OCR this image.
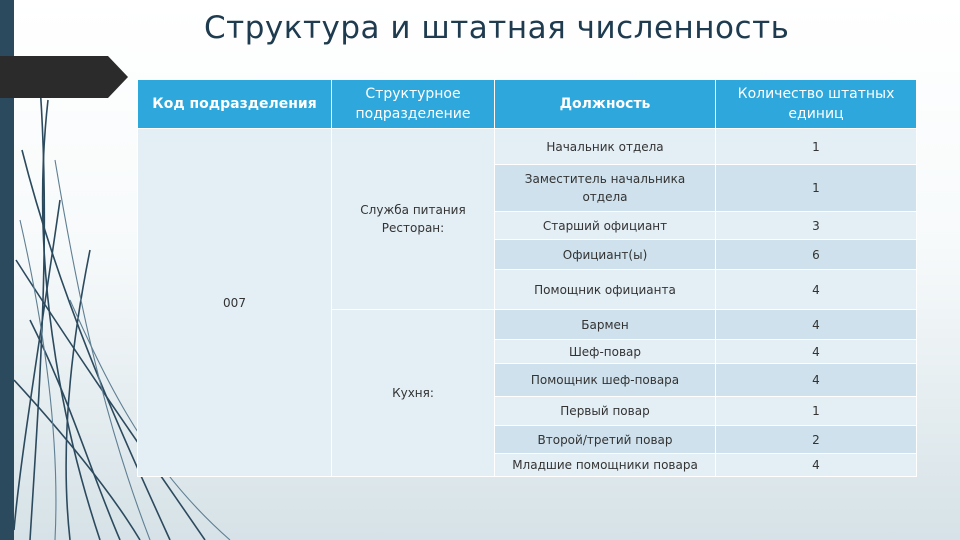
Структура и штатная численность
Код подразделения	Структурное подразделение	Должность	Количество штатных единиц
007	Служба питания Ресторан:	Начальник отдела	1
		Заместитель начальника отдела	1
		Старший официант	3
		Официант(ы)	6
		Помощник официанта	4
	Кухня:	Бармен	4
		Шеф-повар	4
		Помощник шеф-повара	4
		Первый повар	1
		Второй/третий повар	2
		Младшие помощники повара	4
